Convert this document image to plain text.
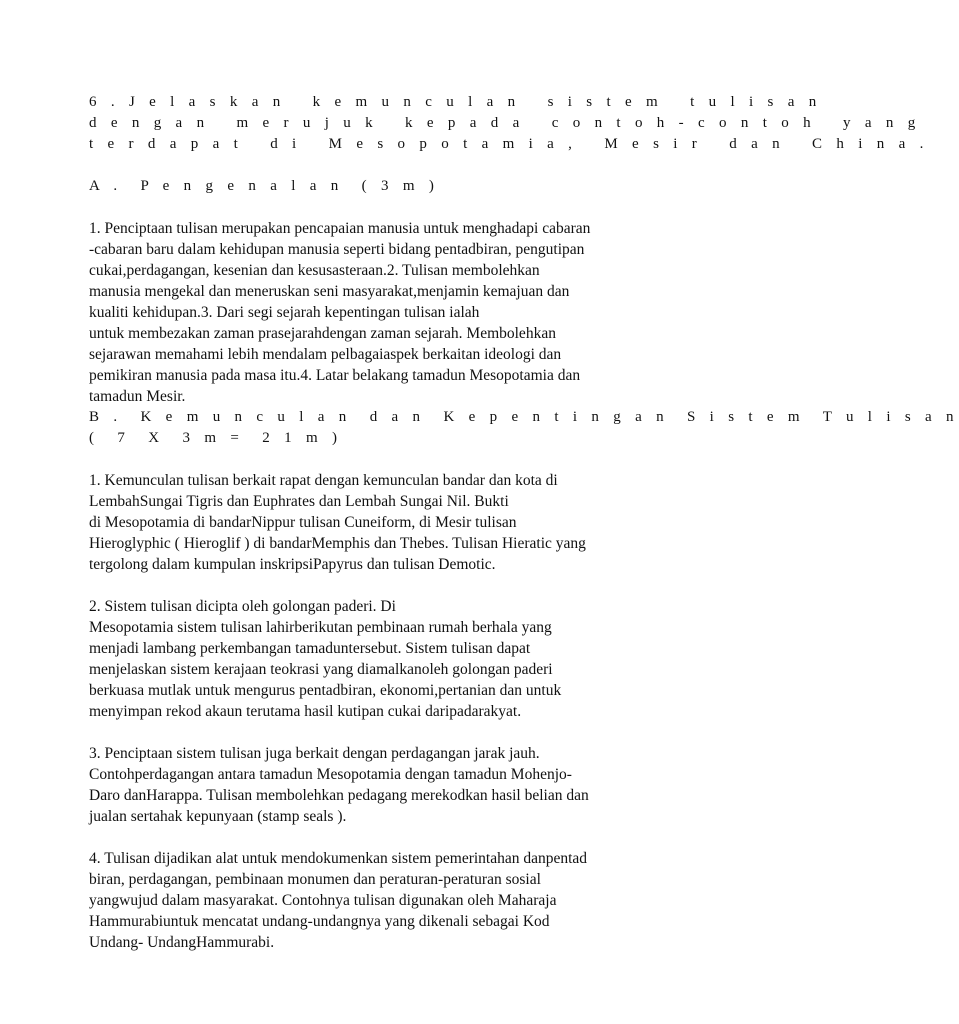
6 . J e l a s k a n   k e m u n c u l a n   s i s t e m   t u l i s a n

d e n g a n   m e r u j u k   k e p a d a   c o n t o h - c o n t o h   y a n g

t e r d a p a t   d i   M e s o p o t a m i a ,   M e s i r   d a n   C h i n a .

A .  P e n g e n a l a n  ( 3 m )

1. Penciptaan tulisan merupakan pencapaian manusia untuk menghadapi cabaran

-cabaran baru dalam kehidupan manusia seperti bidang pentadbiran, pengutipan

cukai,perdagangan, kesenian dan kesusasteraan.2. Tulisan membolehkan

manusia mengekal dan meneruskan seni masyarakat,menjamin kemajuan dan

kualiti kehidupan.3. Dari segi sejarah kepentingan tulisan ialah

untuk membezakan zaman prasejarahdengan zaman sejarah. Membolehkan

sejarawan memahami lebih mendalam pelbagaiaspek berkaitan ideologi dan

pemikiran manusia pada masa itu.4. Latar belakang tamadun Mesopotamia dan

tamadun Mesir.

B .  K e m u n c u l a n  d a n  K e p e n t i n g a n  S i s t e m  T u l i s a n

(  7  X  3 m =  2 1 m )

1. Kemunculan tulisan berkait rapat dengan kemunculan bandar dan kota di

LembahSungai Tigris dan Euphrates dan Lembah Sungai Nil. Bukti

di Mesopotamia di bandarNippur tulisan Cuneiform, di Mesir tulisan

Hieroglyphic ( Hieroglif ) di bandarMemphis dan Thebes. Tulisan Hieratic yang

tergolong dalam kumpulan inskripsiPapyrus dan tulisan Demotic.

2. Sistem tulisan dicipta oleh golongan paderi. Di

Mesopotamia sistem tulisan lahirberikutan pembinaan rumah berhala yang

menjadi lambang perkembangan tamaduntersebut. Sistem tulisan dapat

menjelaskan sistem kerajaan teokrasi yang diamalkanoleh golongan paderi

berkuasa mutlak untuk mengurus pentadbiran, ekonomi,pertanian dan untuk

menyimpan rekod akaun terutama hasil kutipan cukai daripadarakyat.

3. Penciptaan sistem tulisan juga berkait dengan perdagangan jarak jauh.

Contohperdagangan antara tamadun Mesopotamia dengan tamadun Mohenjo-

Daro danHarappa. Tulisan membolehkan pedagang merekodkan hasil belian dan

jualan sertahak kepunyaan (stamp seals ).

4. Tulisan dijadikan alat untuk mendokumenkan sistem pemerintahan danpentad

biran, perdagangan, pembinaan monumen dan peraturan-peraturan sosial

yangwujud dalam masyarakat. Contohnya tulisan digunakan oleh Maharaja

Hammurabiuntuk mencatat undang-undangnya yang dikenali sebagai Kod

Undang- UndangHammurabi.
